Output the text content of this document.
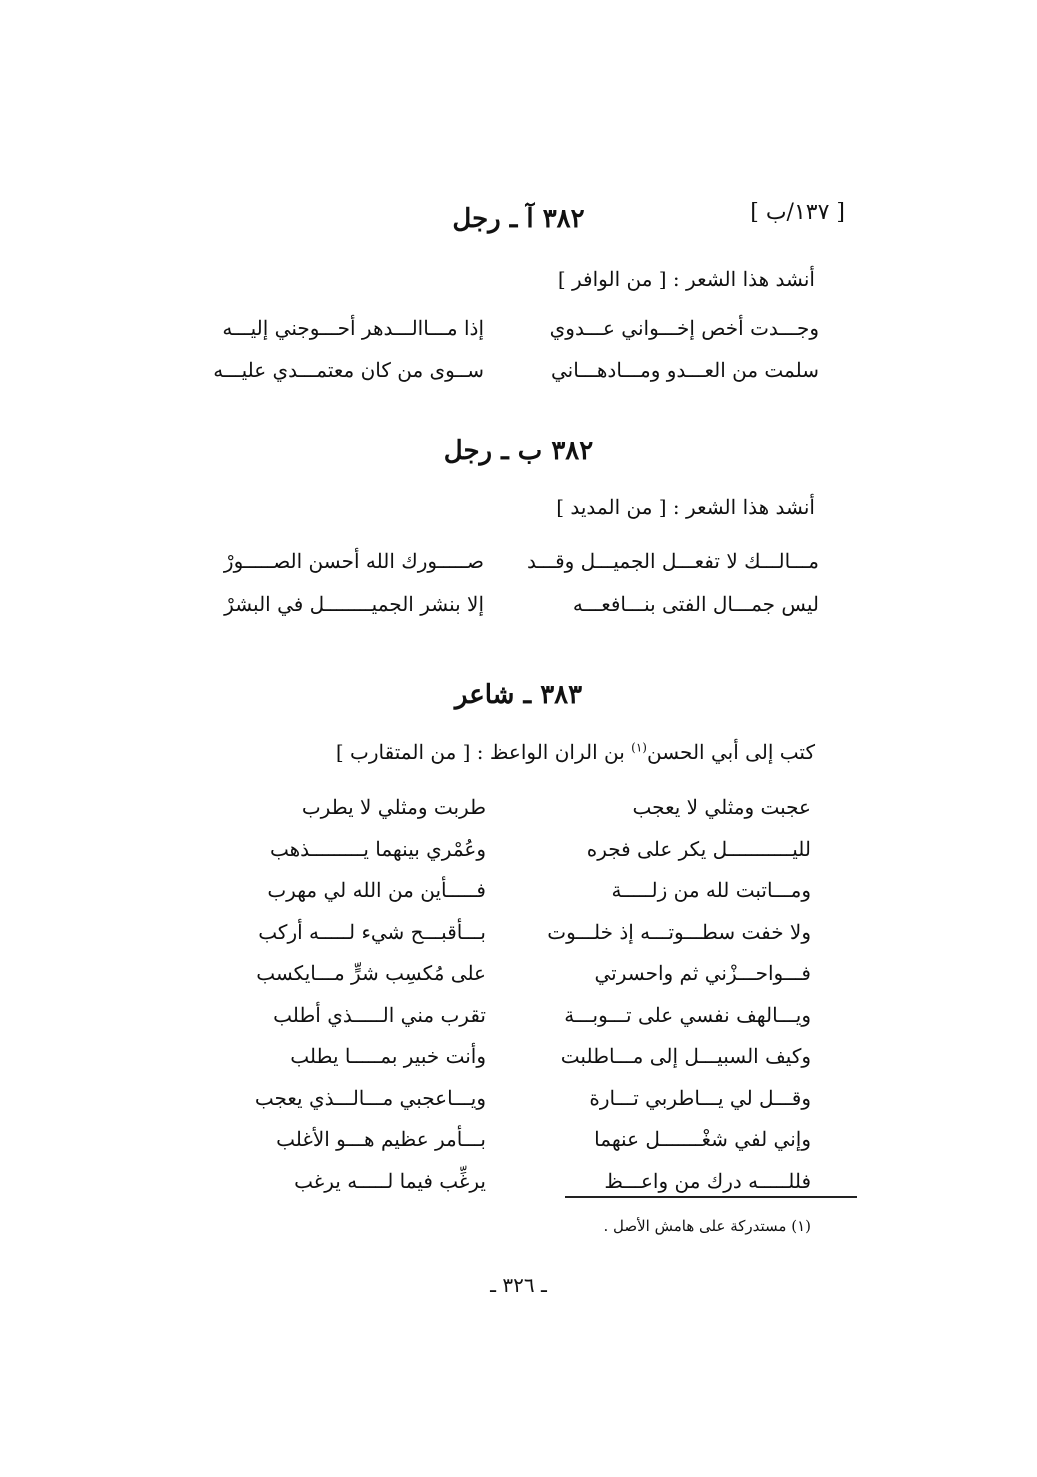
[ ١٣٧/ب ]
٣٨٢ آ ـ رجل
أنشد هذا الشعر : [ من الوافر ]
وجـــدت أخص إخـــواني عـــدوي
إذا مـــاالـــدهر أحـــوجني إليـــه
سلمت من العـــدو ومـــادهـــاني
ســوى من كان معتمـــدي عليـــه
٣٨٢ ب ـ رجل
أنشد هذا الشعر : [ من المديد ]
مـــالـــك لا تفعـــل الجميـــل وقـــد
صـــــورك الله أحسن الصـــــورْ
ليس جمـــال الفتى بنـــافعـــه
إلا بنشر الجميــــــــل في البشرْ
٣٨٣ ـ شاعر
كتب إلى أبي الحسن$^{(١)}$ بن الران الواعظ : [ من المتقارب ]
عجبت ومثلي لا يعجب
طربت ومثلي لا يطرب
لليـــــــــــل يكر على فجره
وعُمْري بينهما يـــــــــذهب
ومـــاتبت لله من زلـــــة
فـــــأين من الله لي مهرب
ولا خفت سطـــوتـــه إذ خلـــوت
بـــأقبـــح شيء لـــــه أركب
فـــواحـــزْني ثم واحسرتي
على مُكسِب شرٍّ مـــايكسب
ويـــالهف نفسي على تـــوبـــة
تقرب مني الـــــذي أطلب
وكيف السبيـــل إلى مـــاطلبت
وأنت خبير بمـــــا يطلب
وقـــل لي يـــاطربي تـــارة
ويـــاعجبي مـــالـــذي يعجب
وإني لفي شغْـــــــل عنهما
بـــأمر عظيم هـــو الأغلب
فللـــــه درك من واعـــظ
يرغِّب فيما لـــــه يرغب
(١) مستدركة على هامش الأصل .
ـ ٣٢٦ ـ
